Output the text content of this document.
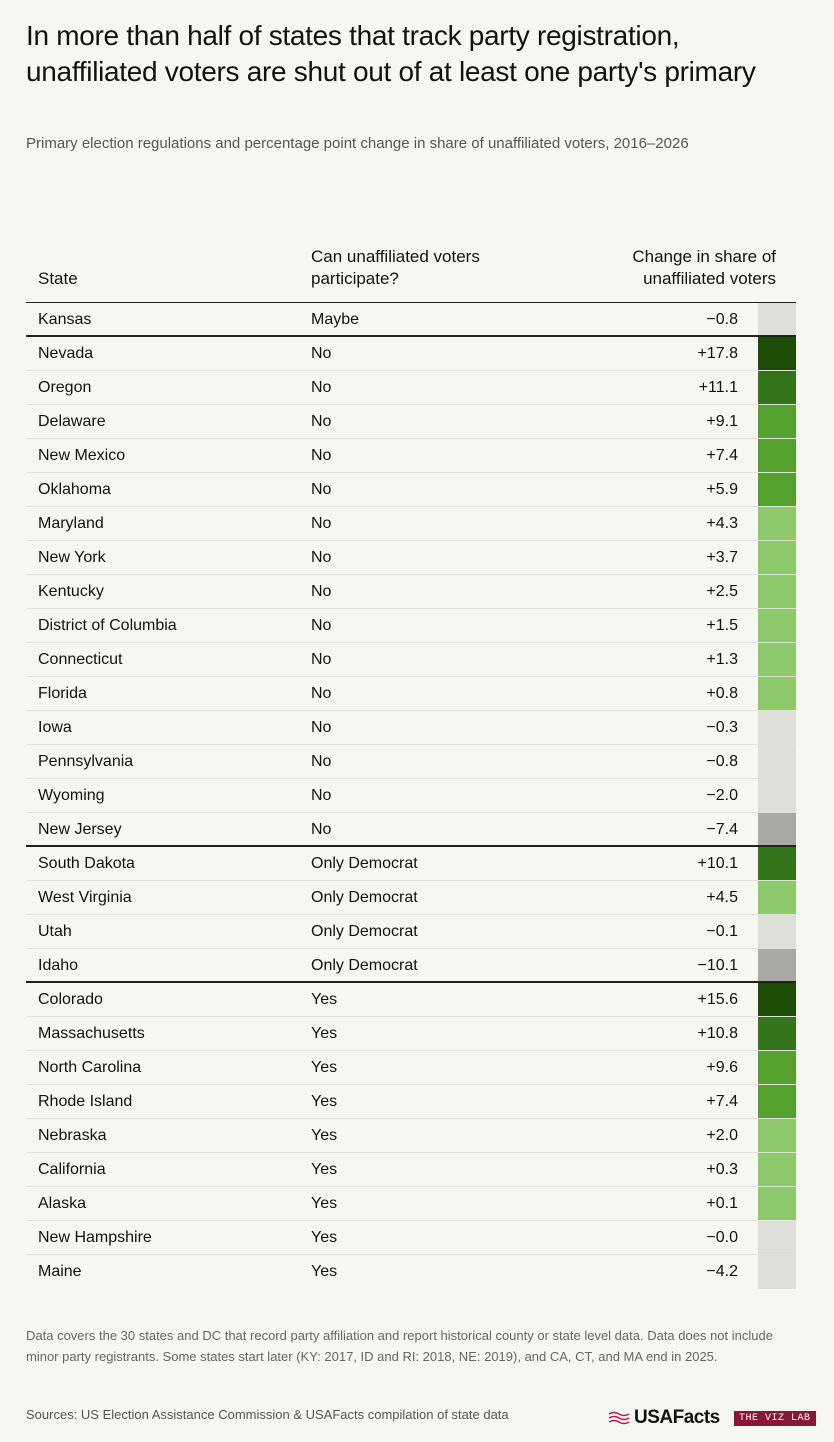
In more than half of states that track party registration, unaffiliated voters are shut out of at least one party's primary
Primary election regulations and percentage point change in share of unaffiliated voters, 2016–2026
State
Can unaffiliated voters participate?
Change in share of unaffiliated voters
Kansas	Maybe	−0.8
Nevada	No	+17.8
Oregon	No	+11.1
Delaware	No	+9.1
New Mexico	No	+7.4
Oklahoma	No	+5.9
Maryland	No	+4.3
New York	No	+3.7
Kentucky	No	+2.5
District of Columbia	No	+1.5
Connecticut	No	+1.3
Florida	No	+0.8
Iowa	No	−0.3
Pennsylvania	No	−0.8
Wyoming	No	−2.0
New Jersey	No	−7.4
South Dakota	Only Democrat	+10.1
West Virginia	Only Democrat	+4.5
Utah	Only Democrat	−0.1
Idaho	Only Democrat	−10.1
Colorado	Yes	+15.6
Massachusetts	Yes	+10.8
North Carolina	Yes	+9.6
Rhode Island	Yes	+7.4
Nebraska	Yes	+2.0
California	Yes	+0.3
Alaska	Yes	+0.1
New Hampshire	Yes	−0.0
Maine	Yes	−4.2
Data covers the 30 states and DC that record party affiliation and report historical county or state level data. Data does not include minor party registrants. Some states start later (KY: 2017, ID and RI: 2018, NE: 2019), and CA, CT, and MA end in 2025.
Sources: US Election Assistance Commission & USAFacts compilation of state data	USAFacts	THE VIZ LAB
